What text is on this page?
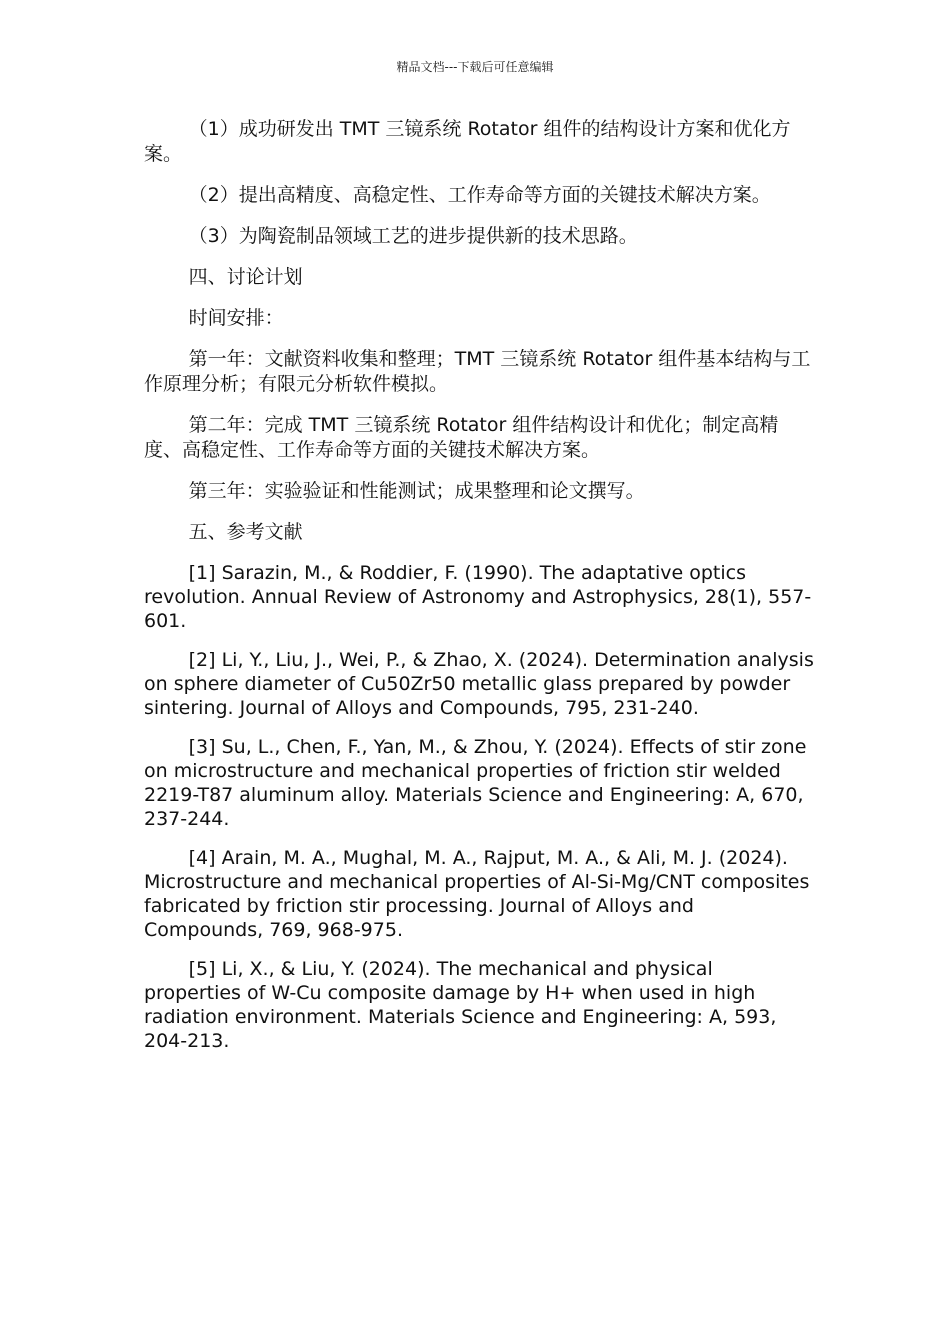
精品文档---下载后可任意编辑

（1）成功研发出 TMT 三镜系统 Rotator 组件的结构设计方案和优化方案。

（2）提出高精度、高稳定性、工作寿命等方面的关键技术解决方案。

（3）为陶瓷制品领域工艺的进步提供新的技术思路。

四、讨论计划

时间安排：

第一年：文献资料收集和整理；TMT 三镜系统 Rotator 组件基本结构与工作原理分析；有限元分析软件模拟。

第二年：完成 TMT 三镜系统 Rotator 组件结构设计和优化；制定高精度、高稳定性、工作寿命等方面的关键技术解决方案。

第三年：实验验证和性能测试；成果整理和论文撰写。

五、参考文献

[1] Sarazin, M., & Roddier, F. (1990). The adaptative optics revolution. Annual Review of Astronomy and Astrophysics, 28(1), 557-601.

[2] Li, Y., Liu, J., Wei, P., & Zhao, X. (2024). Determination analysis on sphere diameter of Cu50Zr50 metallic glass prepared by powder sintering. Journal of Alloys and Compounds, 795, 231-240.

[3] Su, L., Chen, F., Yan, M., & Zhou, Y. (2024). Effects of stir zone on microstructure and mechanical properties of friction stir welded 2219-T87 aluminum alloy. Materials Science and Engineering: A, 670, 237-244.

[4] Arain, M. A., Mughal, M. A., Rajput, M. A., & Ali, M. J. (2024). Microstructure and mechanical properties of Al-Si-Mg/CNT composites fabricated by friction stir processing. Journal of Alloys and Compounds, 769, 968-975.

[5] Li, X., & Liu, Y. (2024). The mechanical and physical properties of W-Cu composite damage by H+ when used in high radiation environment. Materials Science and Engineering: A, 593, 204-213.
